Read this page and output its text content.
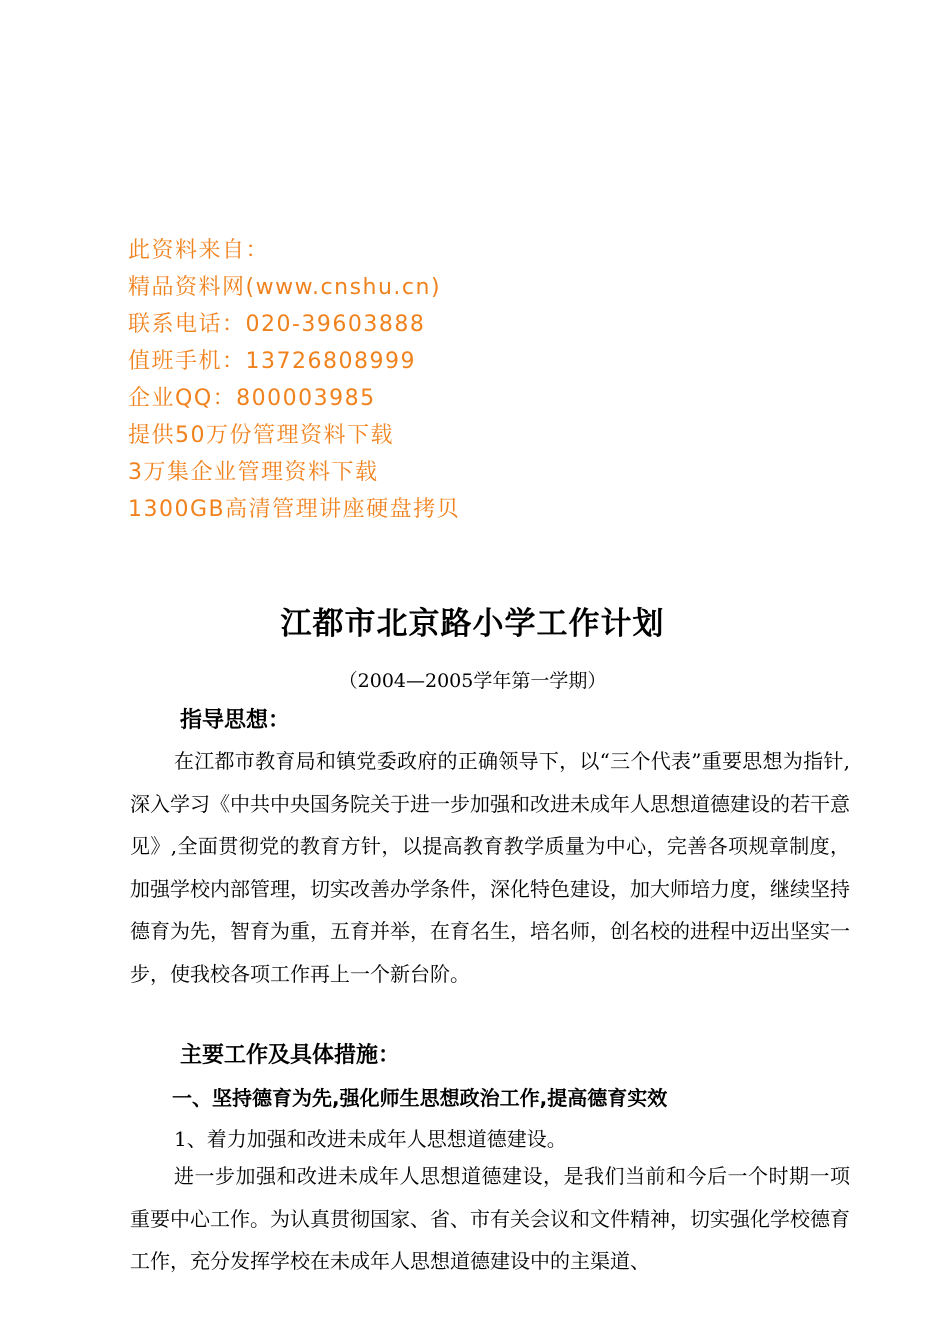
此资料来自：
精品资料网(www.cnshu.cn)
联系电话：020-39603888
值班手机：13726808999
企业QQ：800003985
提供50万份管理资料下载
3万集企业管理资料下载
1300GB高清管理讲座硬盘拷贝
江都市北京路小学工作计划
（2004—2005学年第一学期）
指导思想：

在江都市教育局和镇党委政府的正确领导下，以“三个代表”重要思想为指针,深入学习《中共中央国务院关于进一步加强和改进未成年人思想道德建设的若干意见》,全面贯彻党的教育方针，以提高教育教学质量为中心，完善各项规章制度，加强学校内部管理，切实改善办学条件，深化特色建设，加大师培力度，继续坚持德育为先，智育为重，五育并举，在育名生，培名师，创名校的进程中迈出坚实一步，使我校各项工作再上一个新台阶。

主要工作及具体措施：
一、坚持德育为先,强化师生思想政治工作,提高德育实效

1、着力加强和改进未成年人思想道德建设。

进一步加强和改进未成年人思想道德建设，是我们当前和今后一个时期一项重要中心工作。为认真贯彻国家、省、市有关会议和文件精神，切实强化学校德育工作，充分发挥学校在未成年人思想道德建设中的主渠道、
